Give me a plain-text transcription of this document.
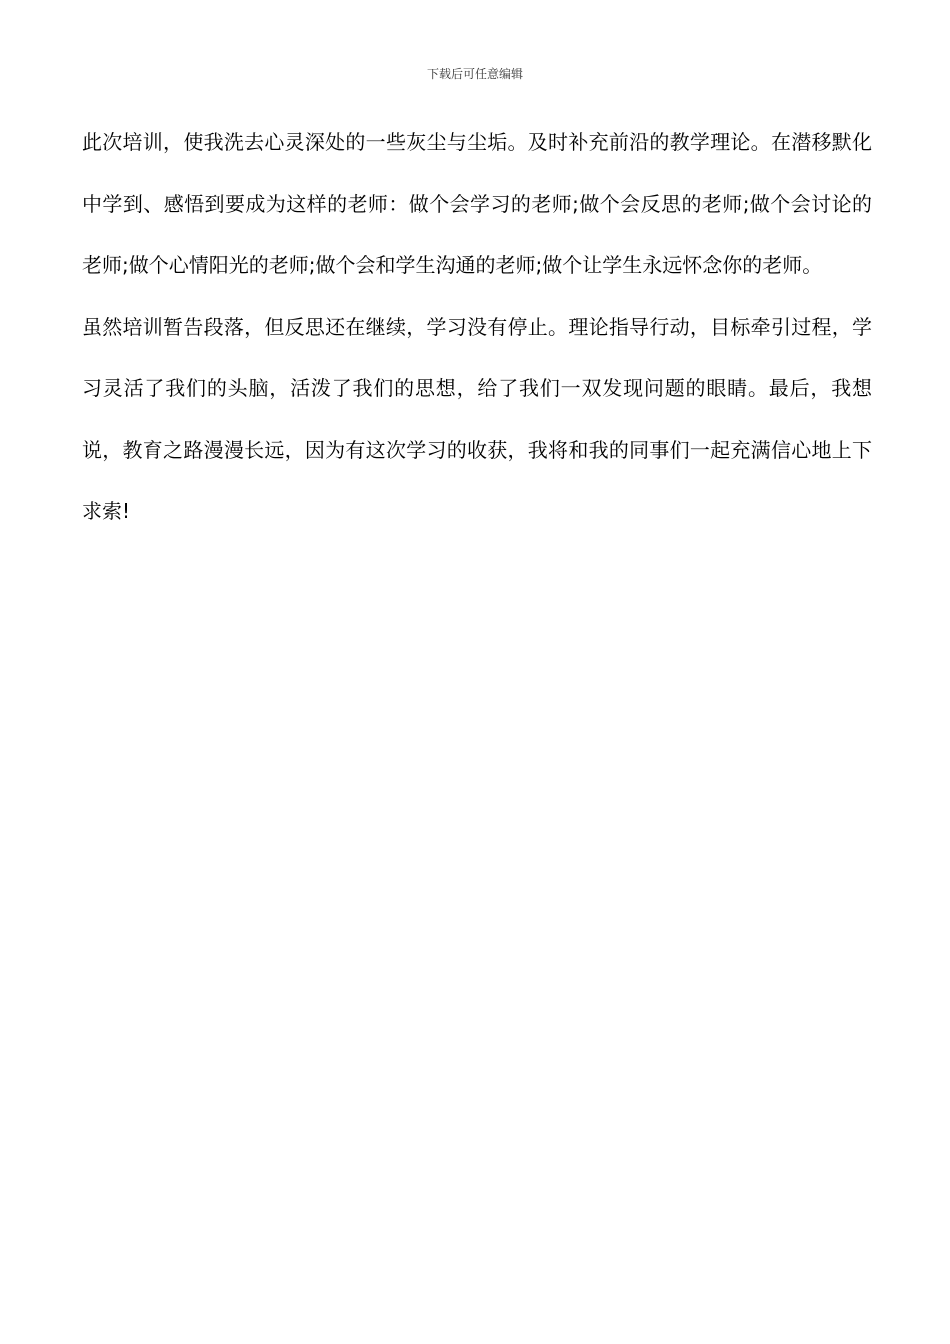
下载后可任意编辑

此次培训，使我洗去心灵深处的一些灰尘与尘垢。及时补充前沿的教学理论。在潜移默化中学到、感悟到要成为这样的老师：做个会学习的老师;做个会反思的老师;做个会讨论的老师;做个心情阳光的老师;做个会和学生沟通的老师;做个让学生永远怀念你的老师。

虽然培训暂告段落，但反思还在继续，学习没有停止。理论指导行动，目标牵引过程，学习灵活了我们的头脑，活泼了我们的思想，给了我们一双发现问题的眼睛。最后，我想说，教育之路漫漫长远，因为有这次学习的收获，我将和我的同事们一起充满信心地上下求索!
